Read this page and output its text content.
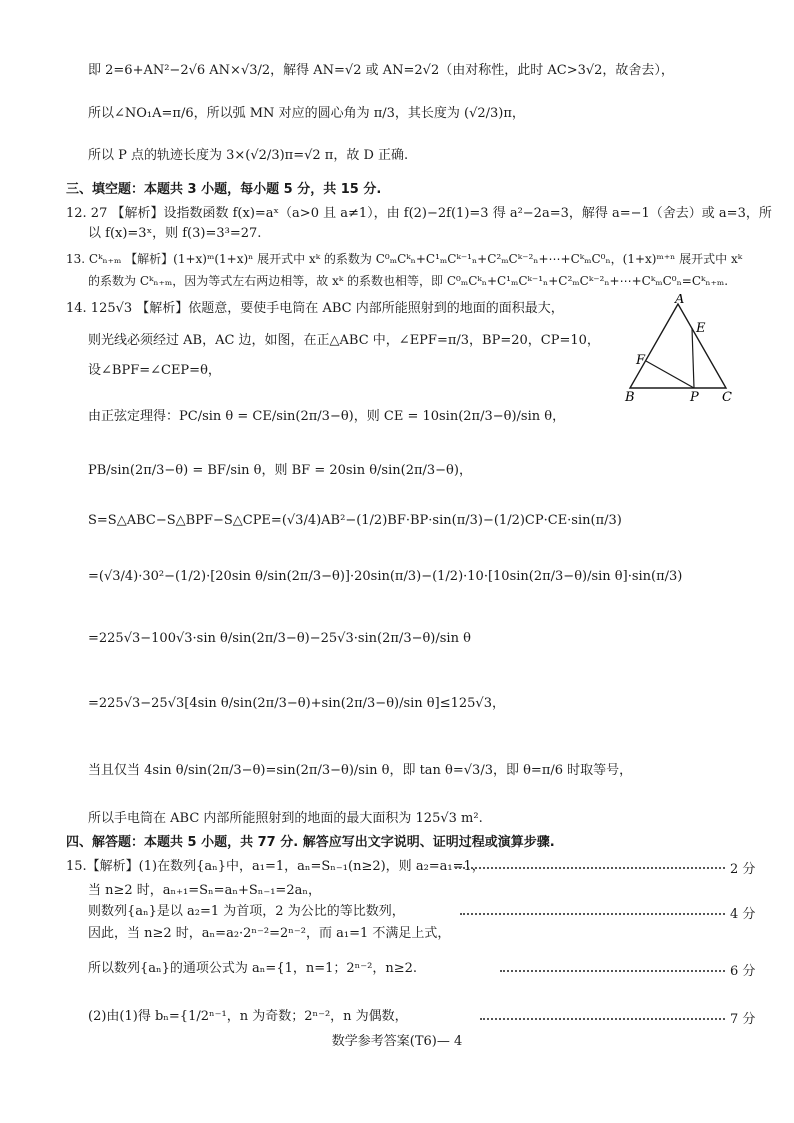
即 2=6+AN²−2√6 AN×√3/2，解得 AN=√2 或 AN=2√2（由对称性，此时 AC>3√2，故舍去），
所以∠NO₁A=π/6，所以弧 MN 对应的圆心角为 π/3，其长度为 (√2/3)π，
所以 P 点的轨迹长度为 3×(√2/3)π=√2 π，故 D 正确.
三、填空题：本题共 3 小题，每小题 5 分，共 15 分.
12. 27 【解析】设指数函数 f(x)=aˣ（a>0 且 a≠1），由 f(2)−2f(1)=3 得 a²−2a=3，解得 a=−1（舍去）或 a=3，所
以 f(x)=3ˣ，则 f(3)=3³=27.
13. Cᵏₙ₊ₘ 【解析】(1+x)ᵐ(1+x)ⁿ 展开式中 xᵏ 的系数为 C⁰ₘCᵏₙ+C¹ₘCᵏ⁻¹ₙ+C²ₘCᵏ⁻²ₙ+⋯+CᵏₘC⁰ₙ，(1+x)ᵐ⁺ⁿ 展开式中 xᵏ
的系数为 Cᵏₙ₊ₘ，因为等式左右两边相等，故 xᵏ 的系数也相等，即 C⁰ₘCᵏₙ+C¹ₘCᵏ⁻¹ₙ+C²ₘCᵏ⁻²ₙ+⋯+CᵏₘC⁰ₙ=Cᵏₙ₊ₘ.
14. 125√3 【解析】依题意，要使手电筒在 ABC 内部所能照射到的地面的面积最大，
则光线必须经过 AB，AC 边，如图，在正△ABC 中，∠EPF=π/3，BP=20，CP=10，
设∠BPF=∠CEP=θ，
由正弦定理得：PC/sin θ = CE/sin(2π/3−θ)，则 CE = 10sin(2π/3−θ)/sin θ，
PB/sin(2π/3−θ) = BF/sin θ，则 BF = 20sin θ/sin(2π/3−θ)，
S=S△ABC−S△BPF−S△CPE=(√3/4)AB²−(1/2)BF·BP·sin(π/3)−(1/2)CP·CE·sin(π/3)
=(√3/4)·30²−(1/2)·[20sin θ/sin(2π/3−θ)]·20sin(π/3)−(1/2)·10·[10sin(2π/3−θ)/sin θ]·sin(π/3)
=225√3−100√3·sin θ/sin(2π/3−θ)−25√3·sin(2π/3−θ)/sin θ
=225√3−25√3[4sin θ/sin(2π/3−θ)+sin(2π/3−θ)/sin θ]≤125√3，
当且仅当 4sin θ/sin(2π/3−θ)=sin(2π/3−θ)/sin θ，即 tan θ=√3/3，即 θ=π/6 时取等号，
所以手电筒在 ABC 内部所能照射到的地面的最大面积为 125√3 m².
四、解答题：本题共 5 小题，共 77 分. 解答应写出文字说明、证明过程或演算步骤.
15.【解析】(1)在数列{aₙ}中，a₁=1，aₙ=Sₙ₋₁(n≥2)，则 a₂=a₁=1，
当 n≥2 时，aₙ₊₁=Sₙ=aₙ+Sₙ₋₁=2aₙ，
则数列{aₙ}是以 a₂=1 为首项，2 为公比的等比数列，
因此，当 n≥2 时，aₙ=a₂·2ⁿ⁻²=2ⁿ⁻²，而 a₁=1 不满足上式，
所以数列{aₙ}的通项公式为 aₙ={1，n=1；2ⁿ⁻²，n≥2.
(2)由(1)得 bₙ={1/2ⁿ⁻¹，n 为奇数；2ⁿ⁻²，n 为偶数，
2 分
4 分
6 分
7 分
A
E
F
B	P C
数学参考答案(T6)— 4
